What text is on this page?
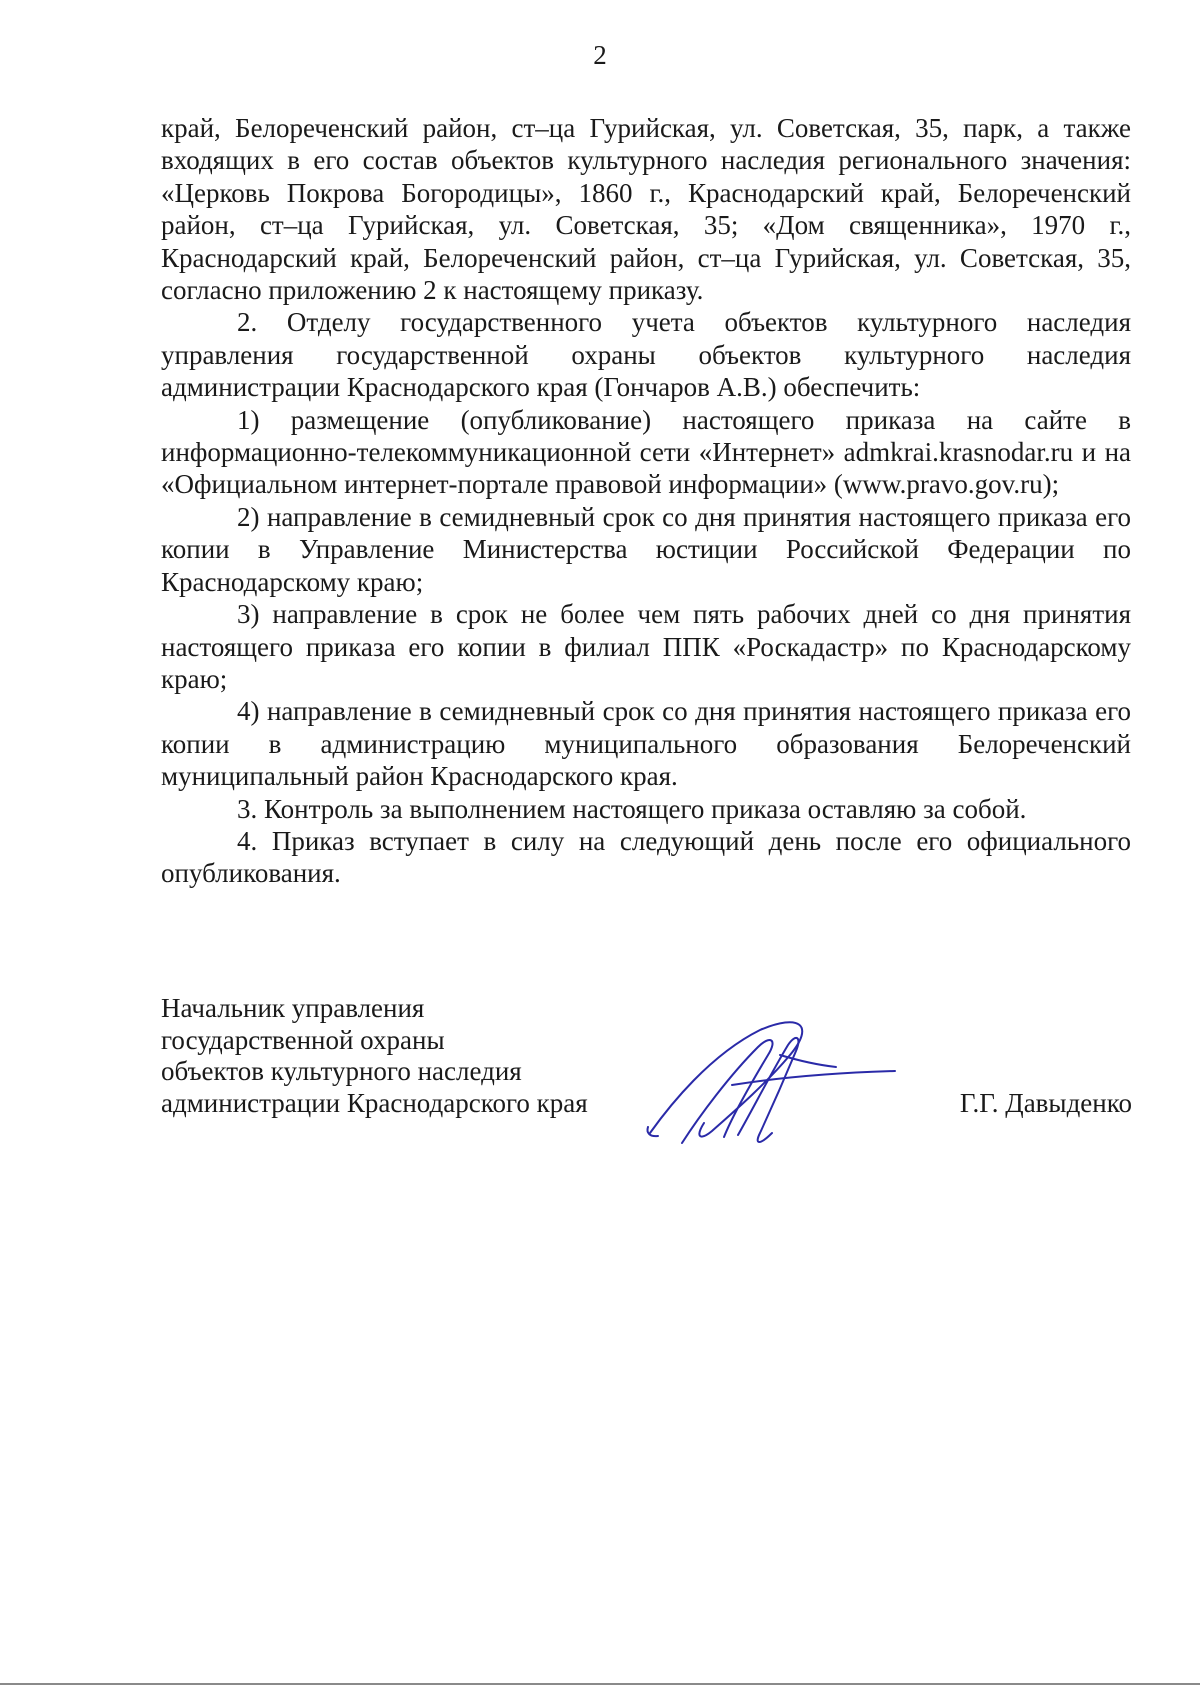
2

край, Белореченский район, ст–ца Гурийская, ул. Советская, 35, парк, а также входящих в его состав объектов культурного наследия регионального значения: «Церковь Покрова Богородицы», 1860 г., Краснодарский край, Белореченский район, ст–ца Гурийская, ул. Советская, 35; «Дом священника», 1970 г., Краснодарский край, Белореченский район, ст–ца Гурийская, ул. Советская, 35, согласно приложению 2 к настоящему приказу.

2. Отделу государственного учета объектов культурного наследия управления государственной охраны объектов культурного наследия администрации Краснодарского края (Гончаров А.В.) обеспечить:

1) размещение (опубликование) настоящего приказа на сайте в информационно-телекоммуникационной сети «Интернет» admkrai.krasnodar.ru и на «Официальном интернет-портале правовой информации» (www.pravo.gov.ru);

2) направление в семидневный срок со дня принятия настоящего приказа его копии в Управление Министерства юстиции Российской Федерации по Краснодарскому краю;

3) направление в срок не более чем пять рабочих дней со дня принятия настоящего приказа его копии в филиал ППК «Роскадастр» по Краснодарскому краю;

4) направление в семидневный срок со дня принятия настоящего приказа его копии в администрацию муниципального образования Белореченский муниципальный район Краснодарского края.

3. Контроль за выполнением настоящего приказа оставляю за собой.

4. Приказ вступает в силу на следующий день после его официального опубликования.

Начальник управления
государственной охраны
объектов культурного наследия
администрации Краснодарского края	Г.Г. Давыденко
